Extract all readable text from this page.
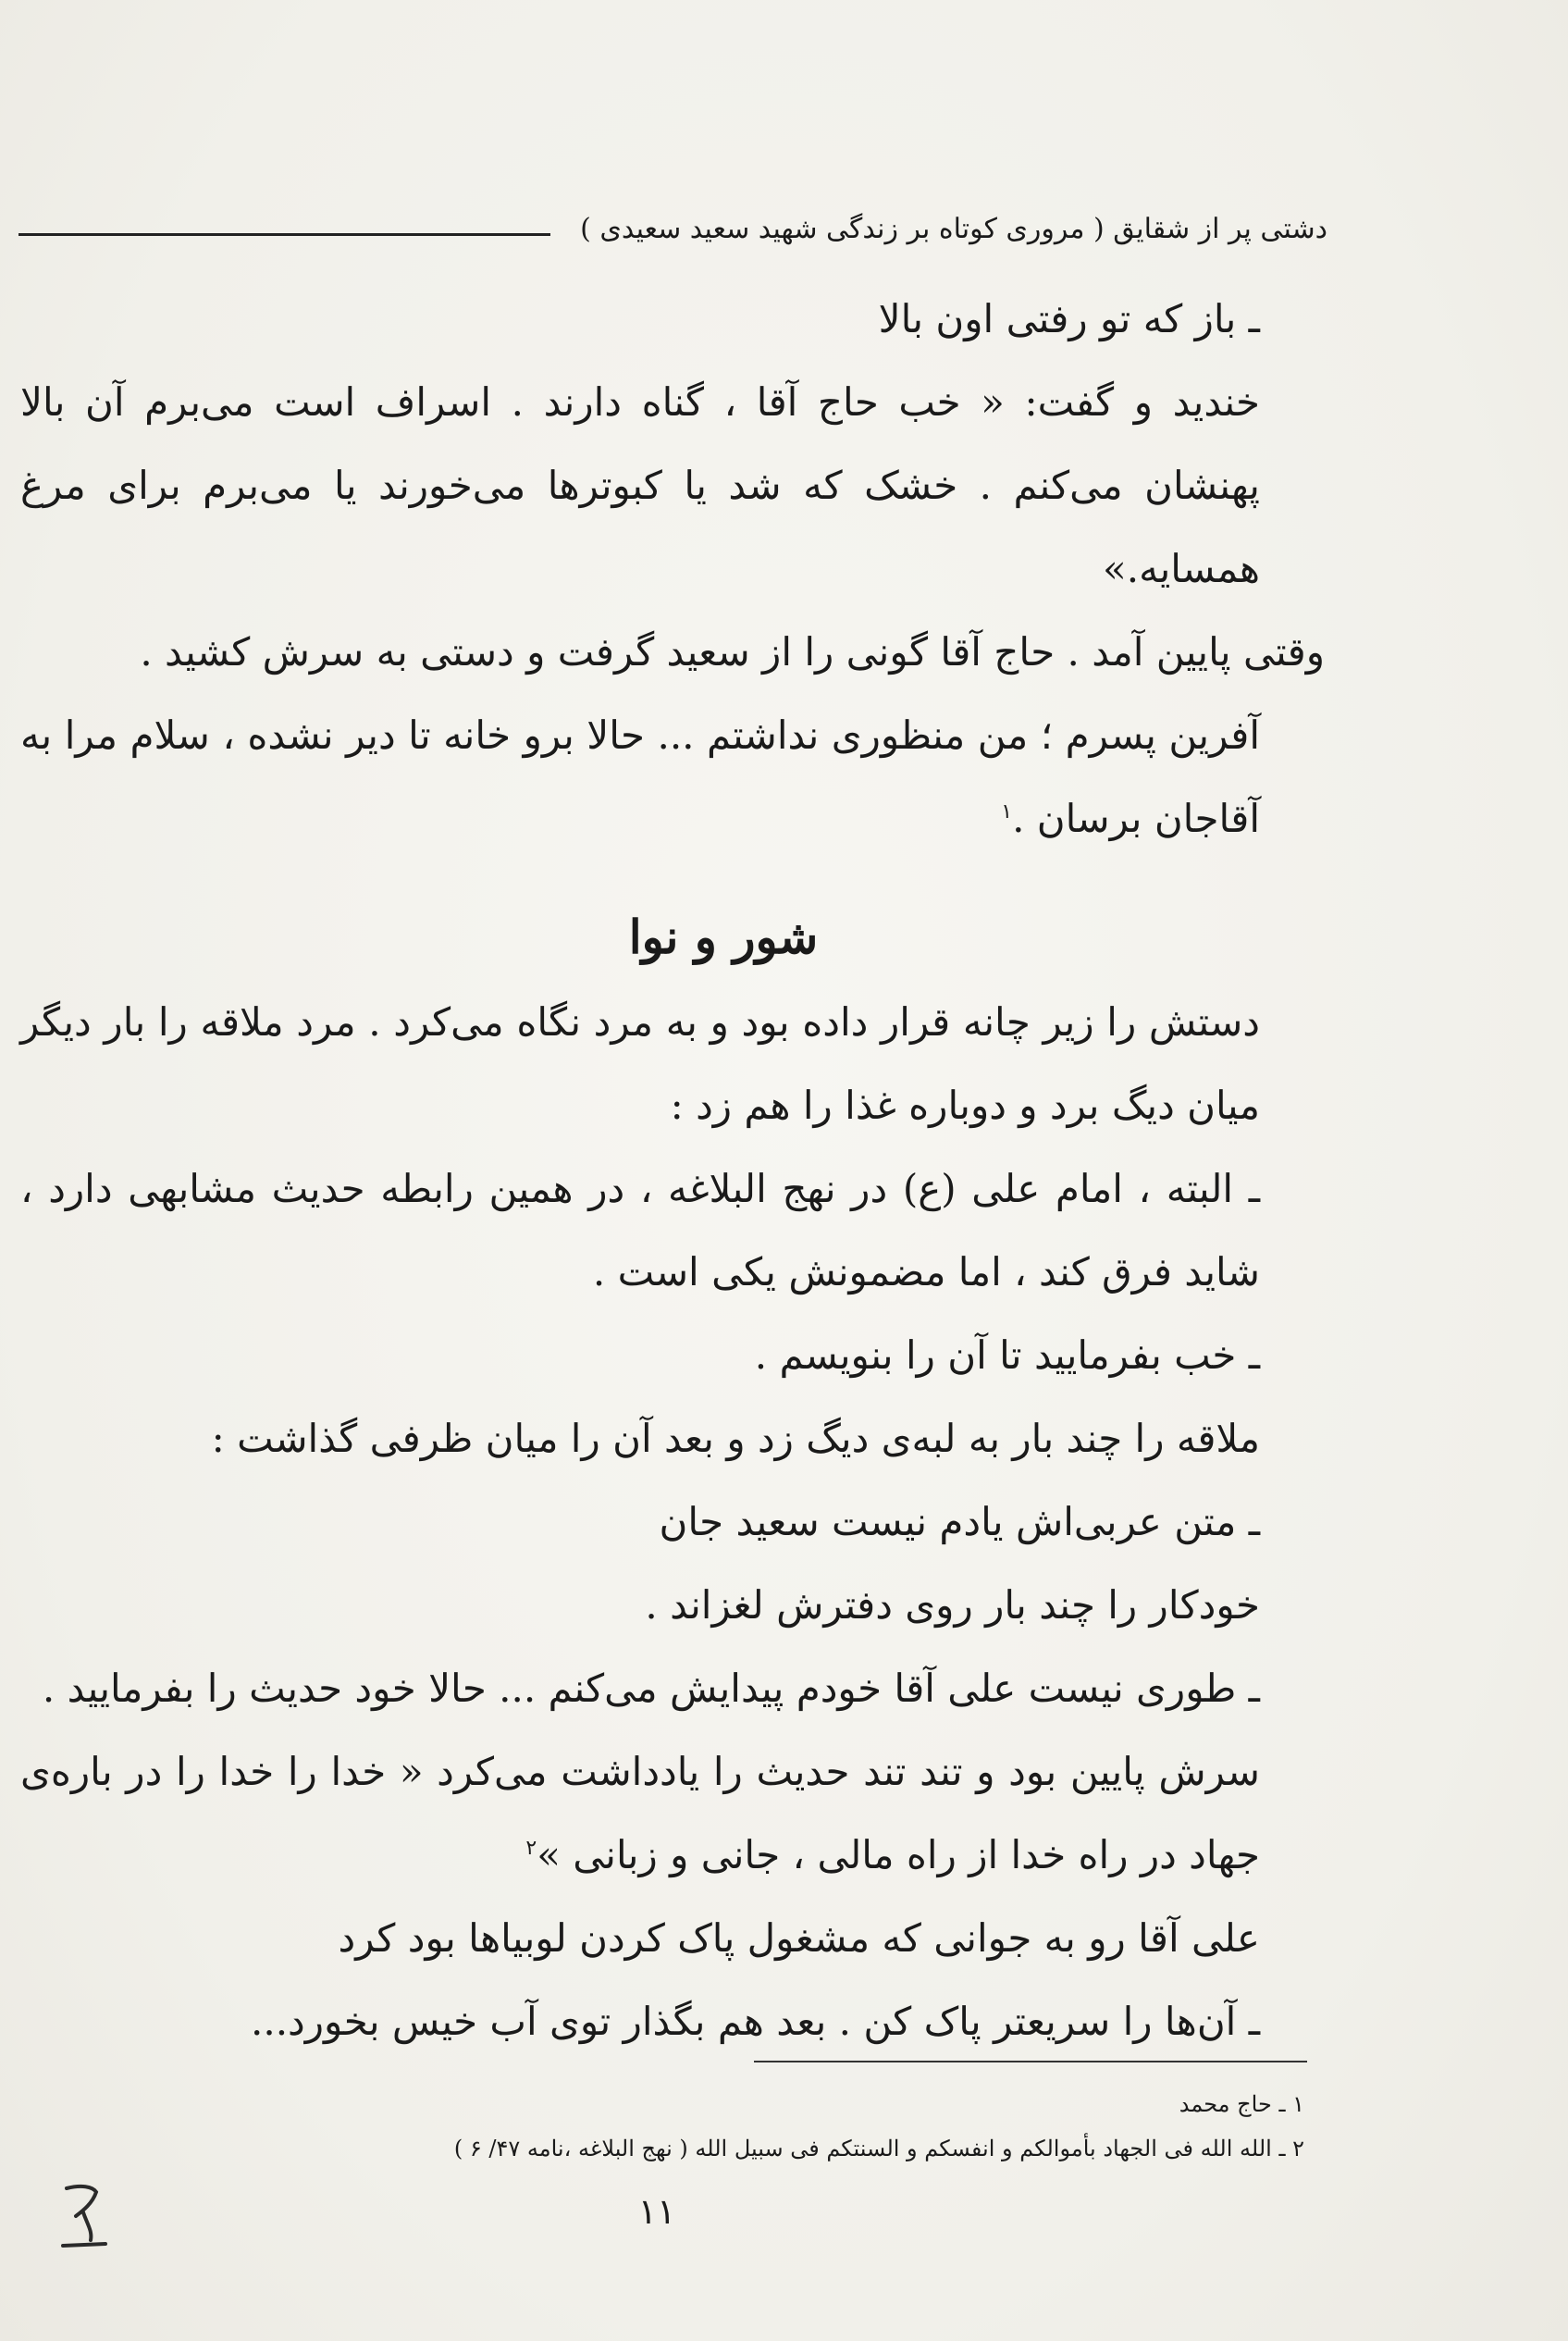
دشتی پر از شقایق ( مروری کوتاه بر زندگی شهید سعید سعیدی )

ـ باز که تو رفتی اون بالا

خندید و گفت: « خب حاج آقا ، گناه دارند . اسراف است می‌برم آن بالا پهنشان می‌کنم . خشک که شد یا کبوترها می‌خورند یا می‌برم برای مرغ همسایه.»

وقتی پایین آمد . حاج آقا گونی را از سعید گرفت و دستی به سرش کشید .

آفرین پسرم ؛ من منظوری نداشتم ... حالا برو خانه تا دیر نشده ، سلام مرا به آقاجان برسان .$^١$

شور و نوا

دستش را زیر چانه قرار داده بود و به مرد نگاه می‌کرد . مرد ملاقه را بار دیگر میان دیگ برد و دوباره غذا را هم زد :

ـ البته ، امام علی (ع) در نهج البلاغه ، در همین رابطه حدیث مشابهی دارد ، شاید فرق کند ، اما مضمونش یکی است .

ـ خب بفرمایید تا آن را بنویسم .

ملاقه را چند بار به لبه‌ی دیگ زد و بعد آن را میان ظرفی گذاشت :

ـ متن عربی‌اش یادم نیست سعید جان

خودکار را چند بار روی دفترش لغزاند .

ـ طوری نیست علی آقا خودم پیدایش می‌کنم ... حالا خود حدیث را بفرمایید .

سرش پایین بود و تند تند حدیث را یادداشت می‌کرد « خدا را خدا را در باره‌ی جهاد در راه خدا از راه مالی ، جانی و زبانی »$^٢$

علی آقا رو به جوانی که مشغول پاک کردن لوبیاها بود کرد

ـ آن‌ها را سریعتر پاک کن . بعد هم بگذار توی آب خیس بخورد...

١ ـ حاج محمد

٢ ـ الله الله فی الجهاد بأموالکم و انفسکم و السنتکم فی سبیل الله ( نهج البلاغه ،نامه ۴۷/ ۶ )

١١
